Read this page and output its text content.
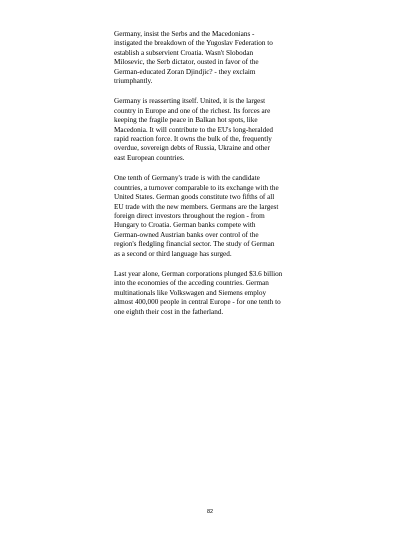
Germany, insist the Serbs and the Macedonians -
instigated the breakdown of the Yugoslav Federation to
establish a subservient Croatia. Wasn't Slobodan
Milosevic, the Serb dictator, ousted in favor of the
German-educated Zoran Djindjic? - they exclaim
triumphantly.

Germany is reasserting itself. United, it is the largest
country in Europe and one of the richest. Its forces are
keeping the fragile peace in Balkan hot spots, like
Macedonia. It will contribute to the EU's long-heralded
rapid reaction force. It owns the bulk of the, frequently
overdue, sovereign debts of Russia, Ukraine and other
east European countries.

One tenth of Germany's trade is with the candidate
countries, a turnover comparable to its exchange with the
United States. German goods constitute two fifths of all
EU trade with the new members. Germans are the largest
foreign direct investors throughout the region - from
Hungary to Croatia. German banks compete with
German-owned Austrian banks over control of the
region's fledgling financial sector. The study of German
as a second or third language has surged.

Last year alone, German corporations plunged $3.6 billion
into the economies of the acceding countries. German
multinationals like Volkswagen and Siemens employ
almost 400,000 people in central Europe - for one tenth to
one eighth their cost in the fatherland.

82
